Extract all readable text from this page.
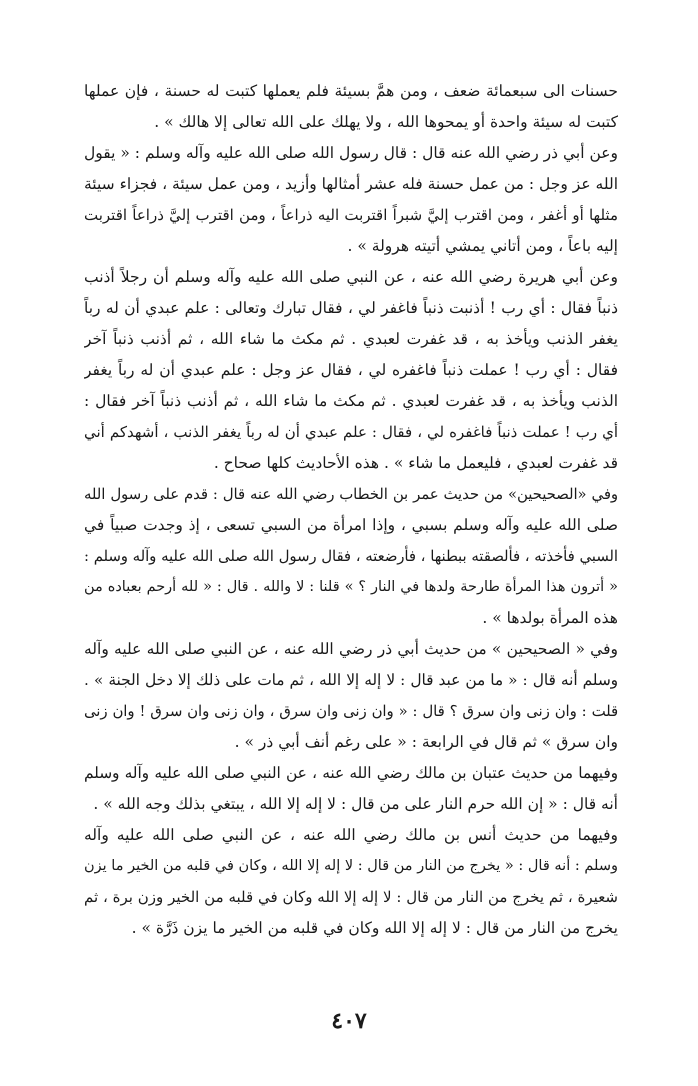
حسنات الى سبعمائة ضعف ، ومن همَّ بسيئة فلم يعملها كتبت له حسنة ، فإن عملها
كتبت له سيئة واحدة أو يمحوها الله ، ولا يهلك على الله تعالى إلا هالك » .
وعن أبي ذر رضي الله عنه قال : قال رسول الله صلى الله عليه وآله وسلم : « يقول
الله عز وجل : من عمل حسنة فله عشر أمثالها وأزيد ، ومن عمل سيئة ، فجزاء سيئة
مثلها أو أغفر ، ومن اقترب إليَّ شبراً اقتربت اليه ذراعاً ، ومن اقترب إليَّ ذراعاً اقتربت
إليه باعاً ، ومن أتاني يمشي أتيته هرولة » .
وعن أبي هريرة رضي الله عنه ، عن النبي صلى الله عليه وآله وسلم أن رجلاً أذنب
ذنباً فقال : أي رب ! أذنبت ذنباً فاغفر لي ، فقال تبارك وتعالى : علم عبدي أن له رباً
يغفر الذنب ويأخذ به ، قد غفرت لعبدي . ثم مكث ما شاء الله ، ثم أذنب ذنباً آخر
فقال : أي رب ! عملت ذنباً فاغفره لي ، فقال عز وجل : علم عبدي أن له رباً يغفر
الذنب ويأخذ به ، قد غفرت لعبدي . ثم مكث ما شاء الله ، ثم أذنب ذنباً آخر فقال :
أي رب ! عملت ذنباً فاغفره لي ، فقال : علم عبدي أن له رباً يغفر الذنب ، أشهدكم أني
قد غفرت لعبدي ، فليعمل ما شاء » . هذه الأحاديث كلها صحاح .
وفي «الصحيحين» من حديث عمر بن الخطاب رضي الله عنه قال : قدم على رسول الله
صلى الله عليه وآله وسلم بسبي ، وإذا امرأة من السبي تسعى ، إذ وجدت صبياً في
السبي فأخذته ، فألصقته ببطنها ، فأرضعته ، فقال رسول الله صلى الله عليه وآله وسلم :
« أترون هذا المرأة طارحة ولدها في النار ؟ » قلنا : لا والله . قال : « لله أرحم بعباده من
هذه المرأة بولدها » .
وفي « الصحيحين » من حديث أبي ذر رضي الله عنه ، عن النبي صلى الله عليه وآله
وسلم أنه قال : « ما من عبد قال : لا إله إلا الله ، ثم مات على ذلك إلا دخل الجنة » .
قلت : وان زنى وان سرق ؟ قال : « وان زنى وان سرق ، وان زنى وان سرق ! وان زنى
وان سرق » ثم قال في الرابعة : « على رغم أنف أبي ذر » .
وفيهما من حديث عتبان بن مالك رضي الله عنه ، عن النبي صلى الله عليه وآله وسلم
أنه قال : « إن الله حرم النار على من قال : لا إله إلا الله ، يبتغي بذلك وجه الله » .
وفيهما من حديث أنس بن مالك رضي الله عنه ، عن النبي صلى الله عليه وآله
وسلم : أنه قال : « يخرج من النار من قال : لا إله إلا الله ، وكان في قلبه من الخير ما يزن
شعيرة ، ثم يخرج من النار من قال : لا إله إلا الله وكان في قلبه من الخير وزن برة ، ثم
يخرج من النار من قال : لا إله إلا الله وكان في قلبه من الخير ما يزن ذَرَّة » .
٤٠٧
